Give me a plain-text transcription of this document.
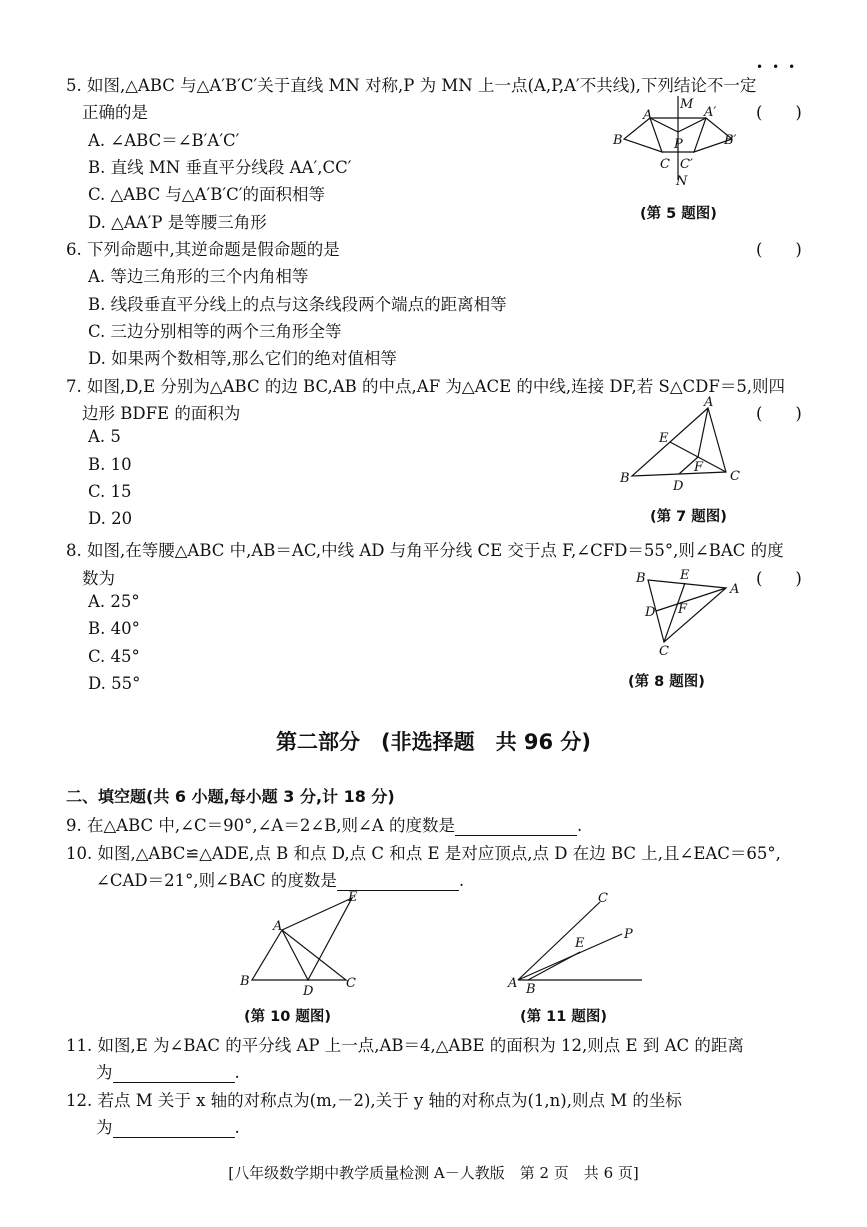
5. 如图,△ABC 与△A′B′C′关于直线 MN 对称,P 为 MN 上一点(A,P,A′不共线),下列结论不一定
•••
正确的是	(　　)
A. ∠ABC＝∠B′A′C′
B. 直线 MN 垂直平分线段 AA′,CC′
C. △ABC 与△A′B′C′的面积相等
D. △AA′P 是等腰三角形
A
M
A′
B	P	B′
C C′
N
(第 5 题图)
6. 下列命题中,其逆命题是假命题的是	(　　)
A. 等边三角形的三个内角相等
B. 线段垂直平分线上的点与这条线段两个端点的距离相等
C. 三边分别相等的两个三角形全等
D. 如果两个数相等,那么它们的绝对值相等
7. 如图,D,E 分别为△ABC 的边 BC,AB 的中点,AF 为△ACE 的中线,连接 DF,若 S△CDF＝5,则四
边形 BDFE 的面积为	(　　)
A. 5
B. 10
C. 15
D. 20
A
E
F
B
D
C
(第 7 题图)
8. 如图,在等腰△ABC 中,AB＝AC,中线 AD 与角平分线 CE 交于点 F,∠CFD＝55°,则∠BAC 的度
数为	(　　)
A. 25°
B. 40°
C. 45°
D. 55°
B	E
A
D F
C
(第 8 题图)
第二部分　(非选择题　共 96 分)
二、填空题(共 6 小题,每小题 3 分,计 18 分)
9. 在△ABC 中,∠C＝90°,∠A＝2∠B,则∠A 的度数是	.
10. 如图,△ABC≌△ADE,点 B 和点 D,点 C 和点 E 是对应顶点,点 D 在边 BC 上,且∠EAC＝65°,
∠CAD＝21°,则∠BAC 的度数是	.
A
E
B
D
C
(第 10 题图)
C
E
P
A B
(第 11 题图)
11. 如图,E 为∠BAC 的平分线 AP 上一点,AB＝4,△ABE 的面积为 12,则点 E 到 AC 的距离
为	.
12. 若点 M 关于 x 轴的对称点为(m,－2),关于 y 轴的对称点为(1,n),则点 M 的坐标
为	.
[八年级数学期中教学质量检测 A－人教版　第 2 页　共 6 页]
